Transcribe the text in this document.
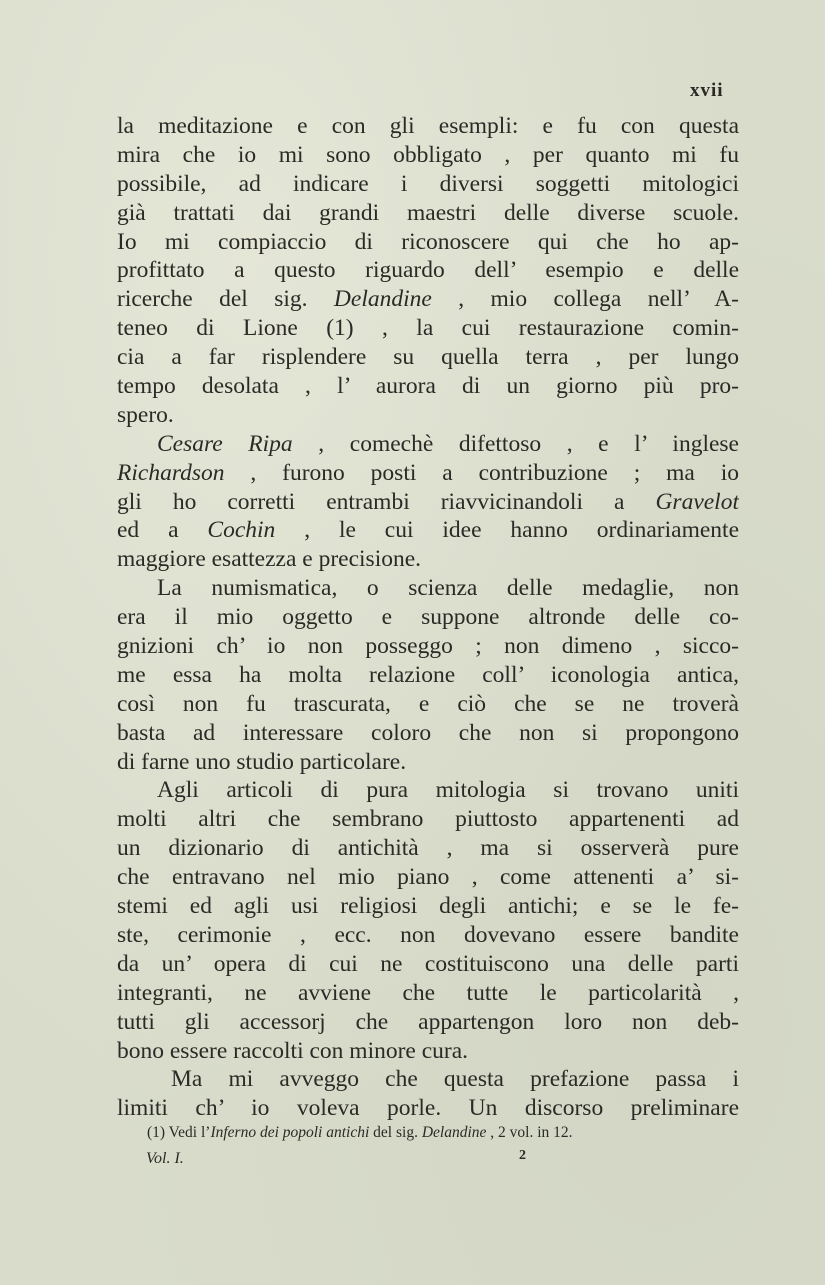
xvii
la meditazione e con gli esempli: e fu con questa
mira che io mi sono obbligato , per quanto mi fu
possibile, ad indicare i diversi soggetti mitologici
già trattati dai grandi maestri delle diverse scuole.
Io mi compiaccio di riconoscere qui che ho ap-
profittato a questo riguardo dell’ esempio e delle
ricerche del sig. Delandine , mio collega nell’ A-
teneo di Lione (1) , la cui restaurazione comin-
cia a far risplendere su quella terra , per lungo
tempo desolata , l’ aurora di un giorno più pro-
spero.
Cesare Ripa , comechè difettoso , e l’ inglese
Richardson , furono posti a contribuzione ; ma io
gli ho corretti entrambi riavvicinandoli a Gravelot
ed a Cochin , le cui idee hanno ordinariamente
maggiore esattezza e precisione.
La numismatica, o scienza delle medaglie, non
era il mio oggetto e suppone altronde delle co-
gnizioni ch’ io non posseggo ; non dimeno , sicco-
me essa ha molta relazione coll’ iconologia antica,
così non fu trascurata, e ciò che se ne troverà
basta ad interessare coloro che non si propongono
di farne uno studio particolare.
Agli articoli di pura mitologia si trovano uniti
molti altri che sembrano piuttosto appartenenti ad
un dizionario di antichità , ma si osserverà pure
che entravano nel mio piano , come attenenti a’ si-
stemi ed agli usi religiosi degli antichi; e se le fe-
ste, cerimonie , ecc. non dovevano essere bandite
da un’ opera di cui ne costituiscono una delle parti
integranti, ne avviene che tutte le particolarità ,
tutti gli accessorj che appartengon loro non deb-
bono essere raccolti con minore cura.
Ma mi avveggo che questa prefazione passa i
limiti ch’ io voleva porle. Un discorso preliminare
(1) Vedi l’Inferno dei popoli antichi del sig. Delandine , 2 vol. in 12.
Vol. I.	2
